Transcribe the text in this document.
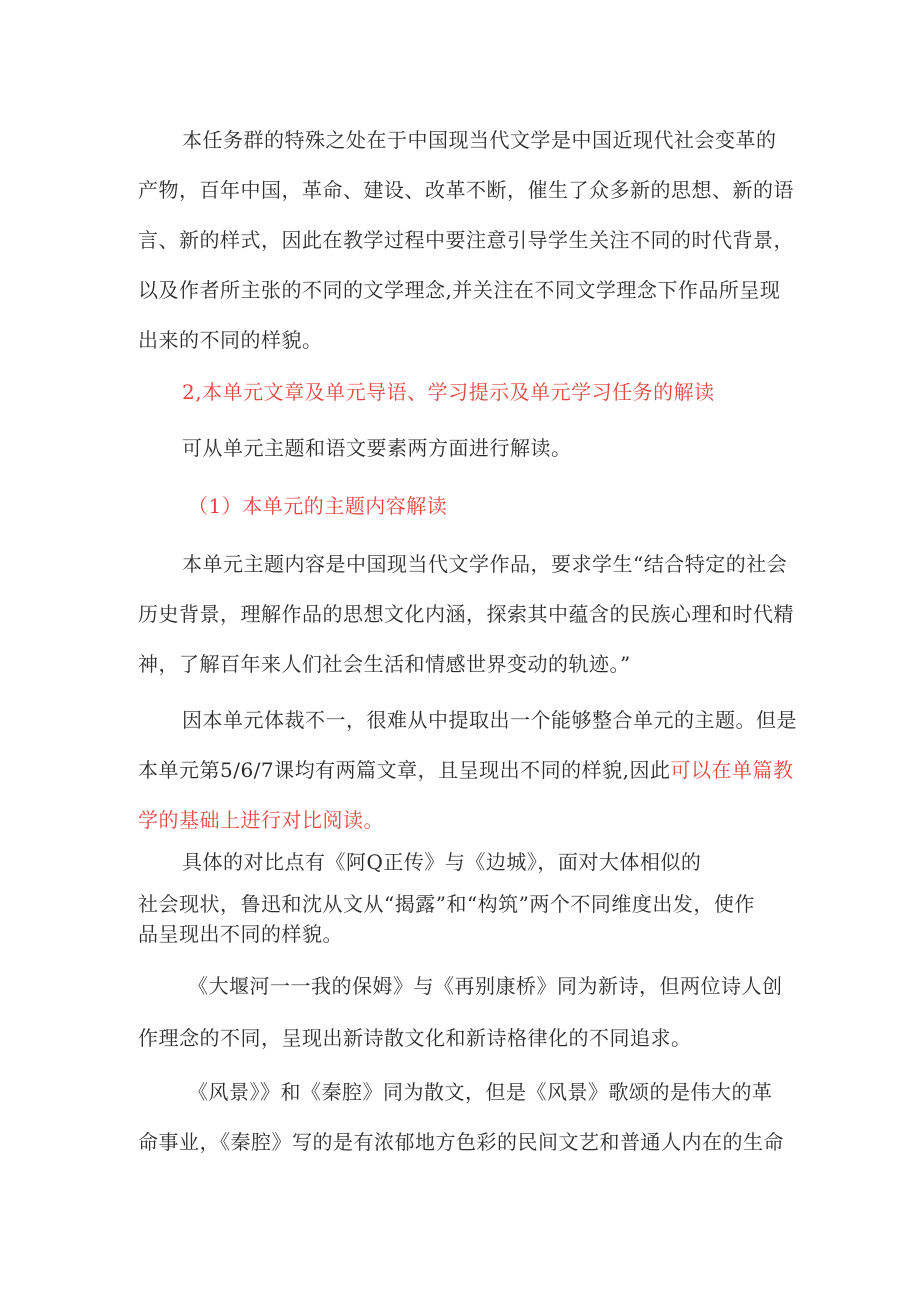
本任务群的特殊之处在于中国现当代文学是中国近现代社会变革的
产物，百年中国，革命、建设、改革不断，催生了众多新的思想、新的语
言、新的样式，因此在教学过程中要注意引导学生关注不同的时代背景，
以及作者所主张的不同的文学理念,并关注在不同文学理念下作品所呈现
出来的不同的样貌。
2,本单元文章及单元导语、学习提示及单元学习任务的解读
可从单元主题和语文要素两方面进行解读。
（1）本单元的主题内容解读
本单元主题内容是中国现当代文学作品，要求学生“结合特定的社会
历史背景，理解作品的思想文化内涵，探索其中蕴含的民族心理和时代精
神，了解百年来人们社会生活和情感世界变动的轨迹。”
因本单元体裁不一，很难从中提取出一个能够整合单元的主题。但是
本单元第5/6/7课均有两篇文章，且呈现出不同的样貌,因此可以在单篇教
学的基础上进行对比阅读。
具体的对比点有《阿Q正传》与《边城》，面对大体相似的
社会现状，鲁迅和沈从文从“揭露”和“构筑”两个不同维度出发，使作
品呈现出不同的样貌。
《大堰河一一我的保姆》与《再别康桥》同为新诗，但两位诗人创
作理念的不同，呈现出新诗散文化和新诗格律化的不同追求。
《风景》》和《秦腔》同为散文，但是《风景》歌颂的是伟大的革
命事业，《秦腔》写的是有浓郁地方色彩的民间文艺和普通人内在的生命
